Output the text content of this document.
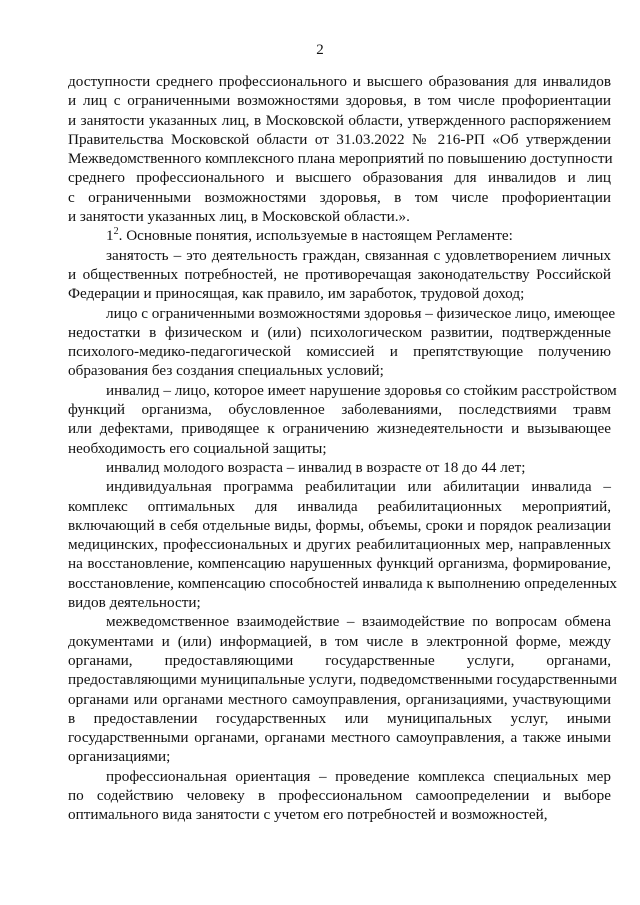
2

доступности среднего профессионального и высшего образования для инвалидов
и лиц с ограниченными возможностями здоровья, в том числе профориентации
и занятости указанных лиц, в Московской области, утвержденного распоряжением
Правительства Московской области от 31.03.2022 № 216-РП «Об утверждении
Межведомственного комплексного плана мероприятий по повышению доступности
среднего профессионального и высшего образования для инвалидов и лиц
с ограниченными возможностями здоровья, в том числе профориентации
и занятости указанных лиц, в Московской области.».

$1^2$. Основные понятия, используемые в настоящем Регламенте:

занятость – это деятельность граждан, связанная с удовлетворением личных
и общественных потребностей, не противоречащая законодательству Российской
Федерации и приносящая, как правило, им заработок, трудовой доход;

лицо с ограниченными возможностями здоровья – физическое лицо, имеющее
недостатки в физическом и (или) психологическом развитии, подтвержденные
психолого-медико-педагогической комиссией и препятствующие получению
образования без создания специальных условий;

инвалид – лицо, которое имеет нарушение здоровья со стойким расстройством
функций организма, обусловленное заболеваниями, последствиями травм
или дефектами, приводящее к ограничению жизнедеятельности и вызывающее
необходимость его социальной защиты;

инвалид молодого возраста – инвалид в возрасте от 18 до 44 лет;

индивидуальная программа реабилитации или абилитации инвалида –
комплекс оптимальных для инвалида реабилитационных мероприятий,
включающий в себя отдельные виды, формы, объемы, сроки и порядок реализации
медицинских, профессиональных и других реабилитационных мер, направленных
на восстановление, компенсацию нарушенных функций организма, формирование,
восстановление, компенсацию способностей инвалида к выполнению определенных
видов деятельности;

межведомственное взаимодействие – взаимодействие по вопросам обмена
документами и (или) информацией, в том числе в электронной форме, между
органами, предоставляющими государственные услуги, органами,
предоставляющими муниципальные услуги, подведомственными государственными
органами или органами местного самоуправления, организациями, участвующими
в предоставлении государственных или муниципальных услуг, иными
государственными органами, органами местного самоуправления, а также иными
организациями;

профессиональная ориентация – проведение комплекса специальных мер
по содействию человеку в профессиональном самоопределении и выборе
оптимального вида занятости с учетом его потребностей и возможностей,
